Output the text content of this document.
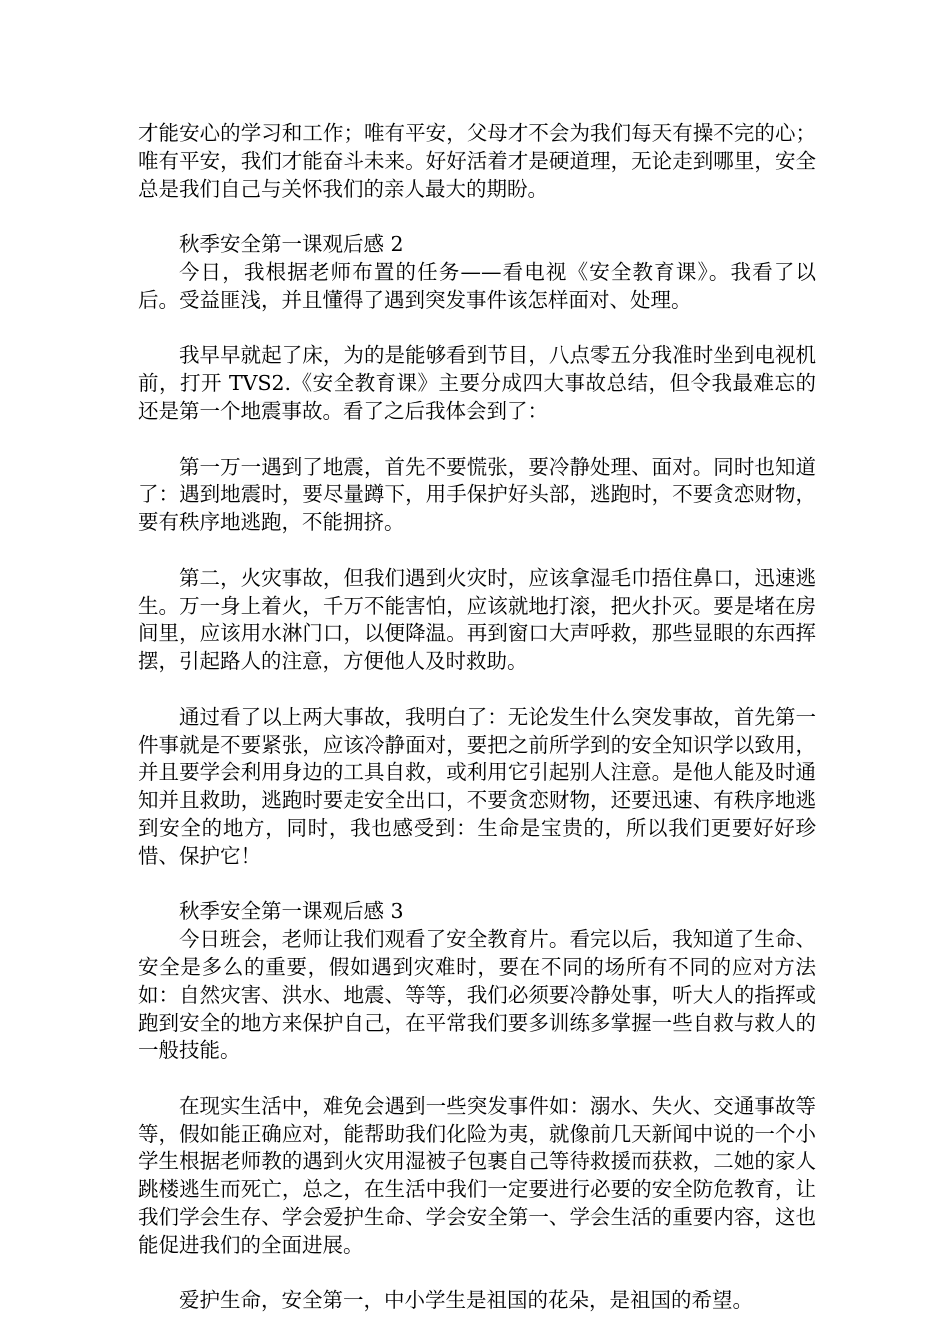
才能安心的学习和工作；唯有平安，父母才不会为我们每天有操不完的心；唯有平安，我们才能奋斗未来。好好活着才是硬道理，无论走到哪里，安全总是我们自己与关怀我们的亲人最大的期盼。

秋季安全第一课观后感 2

今日，我根据老师布置的任务——看电视《安全教育课》。我看了以后。受益匪浅，并且懂得了遇到突发事件该怎样面对、处理。

我早早就起了床，为的是能够看到节目，八点零五分我准时坐到电视机前，打开 TVS2.《安全教育课》主要分成四大事故总结，但令我最难忘的还是第一个地震事故。看了之后我体会到了：

第一万一遇到了地震，首先不要慌张，要冷静处理、面对。同时也知道了：遇到地震时，要尽量蹲下，用手保护好头部，逃跑时，不要贪恋财物，要有秩序地逃跑，不能拥挤。

第二，火灾事故，但我们遇到火灾时，应该拿湿毛巾捂住鼻口，迅速逃生。万一身上着火，千万不能害怕，应该就地打滚，把火扑灭。要是堵在房间里，应该用水淋门口，以便降温。再到窗口大声呼救，那些显眼的东西挥摆，引起路人的注意，方便他人及时救助。

通过看了以上两大事故，我明白了：无论发生什么突发事故，首先第一件事就是不要紧张，应该冷静面对，要把之前所学到的安全知识学以致用，并且要学会利用身边的工具自救，或利用它引起别人注意。是他人能及时通知并且救助，逃跑时要走安全出口，不要贪恋财物，还要迅速、有秩序地逃到安全的地方，同时，我也感受到：生命是宝贵的，所以我们更要好好珍惜、保护它！

秋季安全第一课观后感 3

今日班会，老师让我们观看了安全教育片。看完以后，我知道了生命、安全是多么的重要，假如遇到灾难时，要在不同的场所有不同的应对方法如：自然灾害、洪水、地震、等等，我们必须要冷静处事，听大人的指挥或跑到安全的地方来保护自己，在平常我们要多训练多掌握一些自救与救人的一般技能。

在现实生活中，难免会遇到一些突发事件如：溺水、失火、交通事故等等，假如能正确应对，能帮助我们化险为夷，就像前几天新闻中说的一个小学生根据老师教的遇到火灾用湿被子包裹自己等待救援而获救，二她的家人跳楼逃生而死亡，总之，在生活中我们一定要进行必要的安全防危教育，让我们学会生存、学会爱护生命、学会安全第一、学会生活的重要内容，这也能促进我们的全面进展。

爱护生命，安全第一，中小学生是祖国的花朵，是祖国的希望。
